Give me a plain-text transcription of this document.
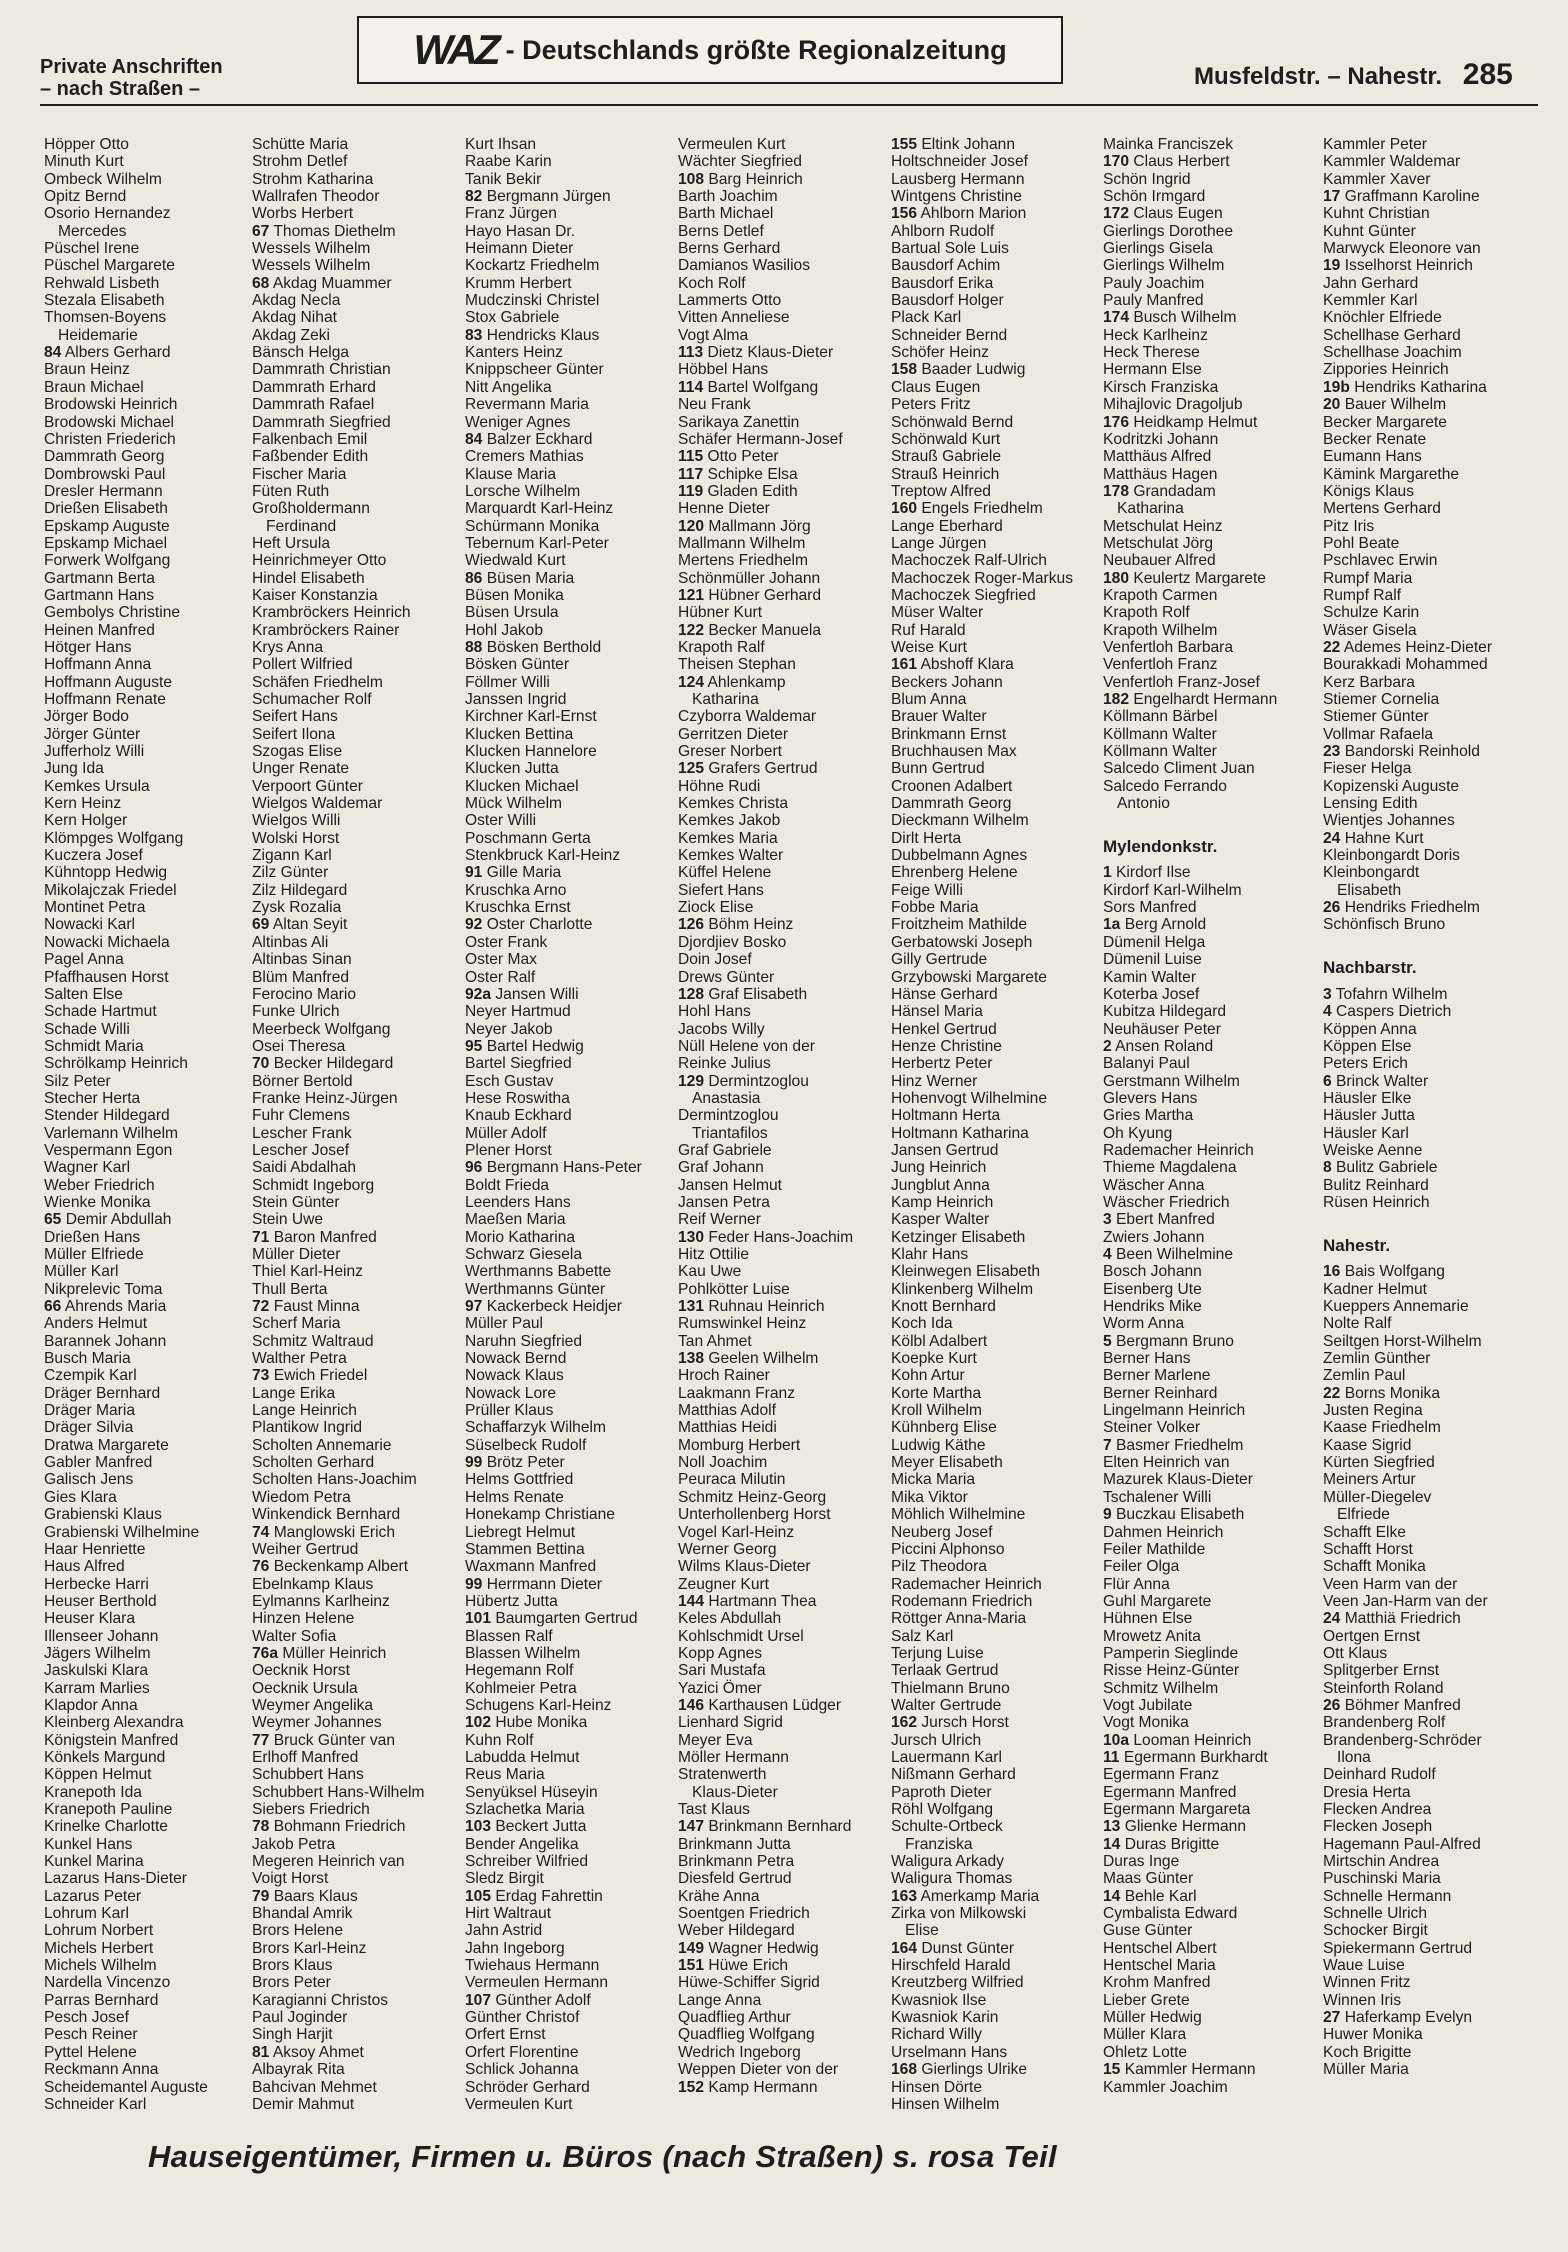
Private Anschriften
– nach Straßen –
WAZ - Deutschlands größte Regionalzeitung
Musfeldstr. – Nahestr. 285
Höpper Otto
Minuth Kurt
Ombeck Wilhelm
Opitz Bernd
Osorio Hernandez
Mercedes
Püschel Irene
Püschel Margarete
Rehwald Lisbeth
Stezala Elisabeth
Thomsen-Boyens
Heidemarie
84 Albers Gerhard
Braun Heinz
Braun Michael
Brodowski Heinrich
Brodowski Michael
Christen Friederich
Dammrath Georg
Dombrowski Paul
Dresler Hermann
Drießen Elisabeth
Epskamp Auguste
Epskamp Michael
Forwerk Wolfgang
Gartmann Berta
Gartmann Hans
Gembolys Christine
Heinen Manfred
Hötger Hans
Hoffmann Anna
Hoffmann Auguste
Hoffmann Renate
Jörger Bodo
Jörger Günter
Jufferholz Willi
Jung Ida
Kemkes Ursula
Kern Heinz
Kern Holger
Klömpges Wolfgang
Kuczera Josef
Kühntopp Hedwig
Mikolajczak Friedel
Montinet Petra
Nowacki Karl
Nowacki Michaela
Pagel Anna
Pfaffhausen Horst
Salten Else
Schade Hartmut
Schade Willi
Schmidt Maria
Schrölkamp Heinrich
Silz Peter
Stecher Herta
Stender Hildegard
Varlemann Wilhelm
Vespermann Egon
Wagner Karl
Weber Friedrich
Wienke Monika
65 Demir Abdullah
Drießen Hans
Müller Elfriede
Müller Karl
Nikprelevic Toma
66 Ahrends Maria
Anders Helmut
Barannek Johann
Busch Maria
Czempik Karl
Dräger Bernhard
Dräger Maria
Dräger Silvia
Dratwa Margarete
Gabler Manfred
Galisch Jens
Gies Klara
Grabienski Klaus
Grabienski Wilhelmine
Haar Henriette
Haus Alfred
Herbecke Harri
Heuser Berthold
Heuser Klara
Illenseer Johann
Jägers Wilhelm
Jaskulski Klara
Karram Marlies
Klapdor Anna
Kleinberg Alexandra
Königstein Manfred
Könkels Margund
Köppen Helmut
Kranepoth Ida
Kranepoth Pauline
Krinelke Charlotte
Kunkel Hans
Kunkel Marina
Lazarus Hans-Dieter
Lazarus Peter
Lohrum Karl
Lohrum Norbert
Michels Herbert
Michels Wilhelm
Nardella Vincenzo
Parras Bernhard
Pesch Josef
Pesch Reiner
Pyttel Helene
Reckmann Anna
Scheidemantel Auguste
Schneider Karl
Schütte Maria
Strohm Detlef
Strohm Katharina
Wallrafen Theodor
Worbs Herbert
67 Thomas Diethelm
Wessels Wilhelm
Wessels Wilhelm
68 Akdag Muammer
Akdag Necla
Akdag Nihat
Akdag Zeki
Bänsch Helga
Dammrath Christian
Dammrath Erhard
Dammrath Rafael
Dammrath Siegfried
Falkenbach Emil
Faßbender Edith
Fischer Maria
Füten Ruth
Großholdermann
Ferdinand
Heft Ursula
Heinrichmeyer Otto
Hindel Elisabeth
Kaiser Konstanzia
Krambröckers Heinrich
Krambröckers Rainer
Krys Anna
Pollert Wilfried
Schäfen Friedhelm
Schumacher Rolf
Seifert Hans
Seifert Ilona
Szogas Elise
Unger Renate
Verpoort Günter
Wielgos Waldemar
Wielgos Willi
Wolski Horst
Zigann Karl
Zilz Günter
Zilz Hildegard
Zysk Rozalia
69 Altan Seyit
Altinbas Ali
Altinbas Sinan
Blüm Manfred
Ferocino Mario
Funke Ulrich
Meerbeck Wolfgang
Osei Theresa
70 Becker Hildegard
Börner Bertold
Franke Heinz-Jürgen
Fuhr Clemens
Lescher Frank
Lescher Josef
Saidi Abdalhah
Schmidt Ingeborg
Stein Günter
Stein Uwe
71 Baron Manfred
Müller Dieter
Thiel Karl-Heinz
Thull Berta
72 Faust Minna
Scherf Maria
Schmitz Waltraud
Walther Petra
73 Ewich Friedel
Lange Erika
Lange Heinrich
Plantikow Ingrid
Scholten Annemarie
Scholten Gerhard
Scholten Hans-Joachim
Wiedom Petra
Winkendick Bernhard
74 Manglowski Erich
Weiher Gertrud
76 Beckenkamp Albert
Ebelnkamp Klaus
Eylmanns Karlheinz
Hinzen Helene
Walter Sofia
76a Müller Heinrich
Oecknik Horst
Oecknik Ursula
Weymer Angelika
Weymer Johannes
77 Bruck Günter van
Erlhoff Manfred
Schubbert Hans
Schubbert Hans-Wilhelm
Siebers Friedrich
78 Bohmann Friedrich
Jakob Petra
Megeren Heinrich van
Voigt Horst
79 Baars Klaus
Bhandal Amrik
Brors Helene
Brors Karl-Heinz
Brors Klaus
Brors Peter
Karagianni Christos
Paul Joginder
Singh Harjit
81 Aksoy Ahmet
Albayrak Rita
Bahcivan Mehmet
Demir Mahmut
Kurt Ihsan
Raabe Karin
Tanik Bekir
82 Bergmann Jürgen
Franz Jürgen
Hayo Hasan Dr.
Heimann Dieter
Kockartz Friedhelm
Krumm Herbert
Mudczinski Christel
Stox Gabriele
83 Hendricks Klaus
Kanters Heinz
Knippscheer Günter
Nitt Angelika
Revermann Maria
Weniger Agnes
84 Balzer Eckhard
Cremers Mathias
Klause Maria
Lorsche Wilhelm
Marquardt Karl-Heinz
Schürmann Monika
Tebernum Karl-Peter
Wiedwald Kurt
86 Büsen Maria
Büsen Monika
Büsen Ursula
Hohl Jakob
88 Bösken Berthold
Bösken Günter
Föllmer Willi
Janssen Ingrid
Kirchner Karl-Ernst
Klucken Bettina
Klucken Hannelore
Klucken Jutta
Klucken Michael
Mück Wilhelm
Oster Willi
Poschmann Gerta
Stenkbruck Karl-Heinz
91 Gille Maria
Kruschka Arno
Kruschka Ernst
92 Oster Charlotte
Oster Frank
Oster Max
Oster Ralf
92a Jansen Willi
Neyer Hartmud
Neyer Jakob
95 Bartel Hedwig
Bartel Siegfried
Esch Gustav
Hese Roswitha
Knaub Eckhard
Müller Adolf
Plener Horst
96 Bergmann Hans-Peter
Boldt Frieda
Leenders Hans
Maeßen Maria
Morio Katharina
Schwarz Giesela
Werthmanns Babette
Werthmanns Günter
97 Kackerbeck Heidjer
Müller Paul
Naruhn Siegfried
Nowack Bernd
Nowack Klaus
Nowack Lore
Prüller Klaus
Schaffarzyk Wilhelm
Süselbeck Rudolf
99 Brötz Peter
Helms Gottfried
Helms Renate
Honekamp Christiane
Liebregt Helmut
Stammen Bettina
Waxmann Manfred
99 Herrmann Dieter
Hübertz Jutta
101 Baumgarten Gertrud
Blassen Ralf
Blassen Wilhelm
Hegemann Rolf
Kohlmeier Petra
Schugens Karl-Heinz
102 Hube Monika
Kuhn Rolf
Labudda Helmut
Reus Maria
Senyüksel Hüseyin
Szlachetka Maria
103 Beckert Jutta
Bender Angelika
Schreiber Wilfried
Sledz Birgit
105 Erdag Fahrettin
Hirt Waltraut
Jahn Astrid
Jahn Ingeborg
Twiehaus Hermann
Vermeulen Hermann
107 Günther Adolf
Günther Christof
Orfert Ernst
Orfert Florentine
Schlick Johanna
Schröder Gerhard
Vermeulen Kurt
Vermeulen Kurt
Wächter Siegfried
108 Barg Heinrich
Barth Joachim
Barth Michael
Berns Detlef
Berns Gerhard
Damianos Wasilios
Koch Rolf
Lammerts Otto
Vitten Anneliese
Vogt Alma
113 Dietz Klaus-Dieter
Höbbel Hans
114 Bartel Wolfgang
Neu Frank
Sarikaya Zanettin
Schäfer Hermann-Josef
115 Otto Peter
117 Schipke Elsa
119 Gladen Edith
Henne Dieter
120 Mallmann Jörg
Mallmann Wilhelm
Mertens Friedhelm
Schönmüller Johann
121 Hübner Gerhard
Hübner Kurt
122 Becker Manuela
Krapoth Ralf
Theisen Stephan
124 Ahlenkamp
Katharina
Czyborra Waldemar
Gerritzen Dieter
Greser Norbert
125 Grafers Gertrud
Höhne Rudi
Kemkes Christa
Kemkes Jakob
Kemkes Maria
Kemkes Walter
Küffel Helene
Siefert Hans
Ziock Elise
126 Böhm Heinz
Djordjiev Bosko
Doin Josef
Drews Günter
128 Graf Elisabeth
Hohl Hans
Jacobs Willy
Nüll Helene von der
Reinke Julius
129 Dermintzoglou
Anastasia
Dermintzoglou
Triantafilos
Graf Gabriele
Graf Johann
Jansen Helmut
Jansen Petra
Reif Werner
130 Feder Hans-Joachim
Hitz Ottilie
Kau Uwe
Pohlkötter Luise
131 Ruhnau Heinrich
Rumswinkel Heinz
Tan Ahmet
138 Geelen Wilhelm
Hroch Rainer
Laakmann Franz
Matthias Adolf
Matthias Heidi
Momburg Herbert
Noll Joachim
Peuraca Milutin
Schmitz Heinz-Georg
Unterhollenberg Horst
Vogel Karl-Heinz
Werner Georg
Wilms Klaus-Dieter
Zeugner Kurt
144 Hartmann Thea
Keles Abdullah
Kohlschmidt Ursel
Kopp Agnes
Sari Mustafa
Yazici Ömer
146 Karthausen Lüdger
Lienhard Sigrid
Meyer Eva
Möller Hermann
Stratenwerth
Klaus-Dieter
Tast Klaus
147 Brinkmann Bernhard
Brinkmann Jutta
Brinkmann Petra
Diesfeld Gertrud
Krähe Anna
Soentgen Friedrich
Weber Hildegard
149 Wagner Hedwig
151 Hüwe Erich
Hüwe-Schiffer Sigrid
Lange Anna
Quadflieg Arthur
Quadflieg Wolfgang
Wedrich Ingeborg
Weppen Dieter von der
152 Kamp Hermann
155 Eltink Johann
Holtschneider Josef
Lausberg Hermann
Wintgens Christine
156 Ahlborn Marion
Ahlborn Rudolf
Bartual Sole Luis
Bausdorf Achim
Bausdorf Erika
Bausdorf Holger
Plack Karl
Schneider Bernd
Schöfer Heinz
158 Baader Ludwig
Claus Eugen
Peters Fritz
Schönwald Bernd
Schönwald Kurt
Strauß Gabriele
Strauß Heinrich
Treptow Alfred
160 Engels Friedhelm
Lange Eberhard
Lange Jürgen
Machoczek Ralf-Ulrich
Machoczek Roger-Markus
Machoczek Siegfried
Müser Walter
Ruf Harald
Weise Kurt
161 Abshoff Klara
Beckers Johann
Blum Anna
Brauer Walter
Brinkmann Ernst
Bruchhausen Max
Bunn Gertrud
Croonen Adalbert
Dammrath Georg
Dieckmann Wilhelm
Dirlt Herta
Dubbelmann Agnes
Ehrenberg Helene
Feige Willi
Fobbe Maria
Froitzheim Mathilde
Gerbatowski Joseph
Gilly Gertrude
Grzybowski Margarete
Hänse Gerhard
Hänsel Maria
Henkel Gertrud
Henze Christine
Herbertz Peter
Hinz Werner
Hohenvogt Wilhelmine
Holtmann Herta
Holtmann Katharina
Jansen Gertrud
Jung Heinrich
Jungblut Anna
Kamp Heinrich
Kasper Walter
Ketzinger Elisabeth
Klahr Hans
Kleinwegen Elisabeth
Klinkenberg Wilhelm
Knott Bernhard
Koch Ida
Kölbl Adalbert
Koepke Kurt
Kohn Artur
Korte Martha
Kroll Wilhelm
Kühnberg Elise
Ludwig Käthe
Meyer Elisabeth
Micka Maria
Mika Viktor
Möhlich Wilhelmine
Neuberg Josef
Piccini Alphonso
Pilz Theodora
Rademacher Heinrich
Rodemann Friedrich
Röttger Anna-Maria
Salz Karl
Terjung Luise
Terlaak Gertrud
Thielmann Bruno
Walter Gertrude
162 Jursch Horst
Jursch Ulrich
Lauermann Karl
Nißmann Gerhard
Paproth Dieter
Röhl Wolfgang
Schulte-Ortbeck
Franziska
Waligura Arkady
Waligura Thomas
163 Amerkamp Maria
Zirka von Milkowski
Elise
164 Dunst Günter
Hirschfeld Harald
Kreutzberg Wilfried
Kwasniok Ilse
Kwasniok Karin
Richard Willy
Urselmann Hans
168 Gierlings Ulrike
Hinsen Dörte
Hinsen Wilhelm
Mainka Franciszek
170 Claus Herbert
Schön Ingrid
Schön Irmgard
172 Claus Eugen
Gierlings Dorothee
Gierlings Gisela
Gierlings Wilhelm
Pauly Joachim
Pauly Manfred
174 Busch Wilhelm
Heck Karlheinz
Heck Therese
Hermann Else
Kirsch Franziska
Mihajlovic Dragoljub
176 Heidkamp Helmut
Kodritzki Johann
Matthäus Alfred
Matthäus Hagen
178 Grandadam
Katharina
Metschulat Heinz
Metschulat Jörg
Neubauer Alfred
180 Keulertz Margarete
Krapoth Carmen
Krapoth Rolf
Krapoth Wilhelm
Venfertloh Barbara
Venfertloh Franz
Venfertloh Franz-Josef
182 Engelhardt Hermann
Köllmann Bärbel
Köllmann Walter
Köllmann Walter
Salcedo Climent Juan
Salcedo Ferrando
Antonio
Mylendonkstr.
1 Kirdorf Ilse
Kirdorf Karl-Wilhelm
Sors Manfred
1a Berg Arnold
Dümenil Helga
Dümenil Luise
Kamin Walter
Koterba Josef
Kubitza Hildegard
Neuhäuser Peter
2 Ansen Roland
Balanyi Paul
Gerstmann Wilhelm
Glevers Hans
Gries Martha
Oh Kyung
Rademacher Heinrich
Thieme Magdalena
Wäscher Anna
Wäscher Friedrich
3 Ebert Manfred
Zwiers Johann
4 Been Wilhelmine
Bosch Johann
Eisenberg Ute
Hendriks Mike
Worm Anna
5 Bergmann Bruno
Berner Hans
Berner Marlene
Berner Reinhard
Lingelmann Heinrich
Steiner Volker
7 Basmer Friedhelm
Elten Heinrich van
Mazurek Klaus-Dieter
Tschalener Willi
9 Buczkau Elisabeth
Dahmen Heinrich
Feiler Mathilde
Feiler Olga
Flür Anna
Guhl Margarete
Hühnen Else
Mrowetz Anita
Pamperin Sieglinde
Risse Heinz-Günter
Schmitz Wilhelm
Vogt Jubilate
Vogt Monika
10a Looman Heinrich
11 Egermann Burkhardt
Egermann Franz
Egermann Manfred
Egermann Margareta
13 Glienke Hermann
14 Duras Brigitte
Duras Inge
Maas Günter
14 Behle Karl
Cymbalista Edward
Guse Günter
Hentschel Albert
Hentschel Maria
Krohm Manfred
Lieber Grete
Müller Hedwig
Müller Klara
Ohletz Lotte
15 Kammler Hermann
Kammler Joachim
Kammler Peter
Kammler Waldemar
Kammler Xaver
17 Graffmann Karoline
Kuhnt Christian
Kuhnt Günter
Marwyck Eleonore van
19 Isselhorst Heinrich
Jahn Gerhard
Kemmler Karl
Knöchler Elfriede
Schellhase Gerhard
Schellhase Joachim
Zippories Heinrich
19b Hendriks Katharina
20 Bauer Wilhelm
Becker Margarete
Becker Renate
Eumann Hans
Kämink Margarethe
Königs Klaus
Mertens Gerhard
Pitz Iris
Pohl Beate
Pschlavec Erwin
Rumpf Maria
Rumpf Ralf
Schulze Karin
Wäser Gisela
22 Ademes Heinz-Dieter
Bourakkadi Mohammed
Kerz Barbara
Stiemer Cornelia
Stiemer Günter
Vollmar Rafaela
23 Bandorski Reinhold
Fieser Helga
Kopizenski Auguste
Lensing Edith
Wientjes Johannes
24 Hahne Kurt
Kleinbongardt Doris
Kleinbongardt
Elisabeth
26 Hendriks Friedhelm
Schönfisch Bruno
Nachbarstr.
3 Tofahrn Wilhelm
4 Caspers Dietrich
Köppen Anna
Köppen Else
Peters Erich
6 Brinck Walter
Häusler Elke
Häusler Jutta
Häusler Karl
Weiske Aenne
8 Bulitz Gabriele
Bulitz Reinhard
Rüsen Heinrich
Nahestr.
16 Bais Wolfgang
Kadner Helmut
Kueppers Annemarie
Nolte Ralf
Seiltgen Horst-Wilhelm
Zemlin Günther
Zemlin Paul
22 Borns Monika
Justen Regina
Kaase Friedhelm
Kaase Sigrid
Kürten Siegfried
Meiners Artur
Müller-Diegelev
Elfriede
Schafft Elke
Schafft Horst
Schafft Monika
Veen Harm van der
Veen Jan-Harm van der
24 Matthiä Friedrich
Oertgen Ernst
Ott Klaus
Splitgerber Ernst
Steinforth Roland
26 Böhmer Manfred
Brandenberg Rolf
Brandenberg-Schröder
Ilona
Deinhard Rudolf
Dresia Herta
Flecken Andrea
Flecken Joseph
Hagemann Paul-Alfred
Mirtschin Andrea
Puschinski Maria
Schnelle Hermann
Schnelle Ulrich
Schocker Birgit
Spiekermann Gertrud
Waue Luise
Winnen Fritz
Winnen Iris
27 Haferkamp Evelyn
Huwer Monika
Koch Brigitte
Müller Maria
Hauseigentümer, Firmen u. Büros (nach Straßen) s. rosa Teil
